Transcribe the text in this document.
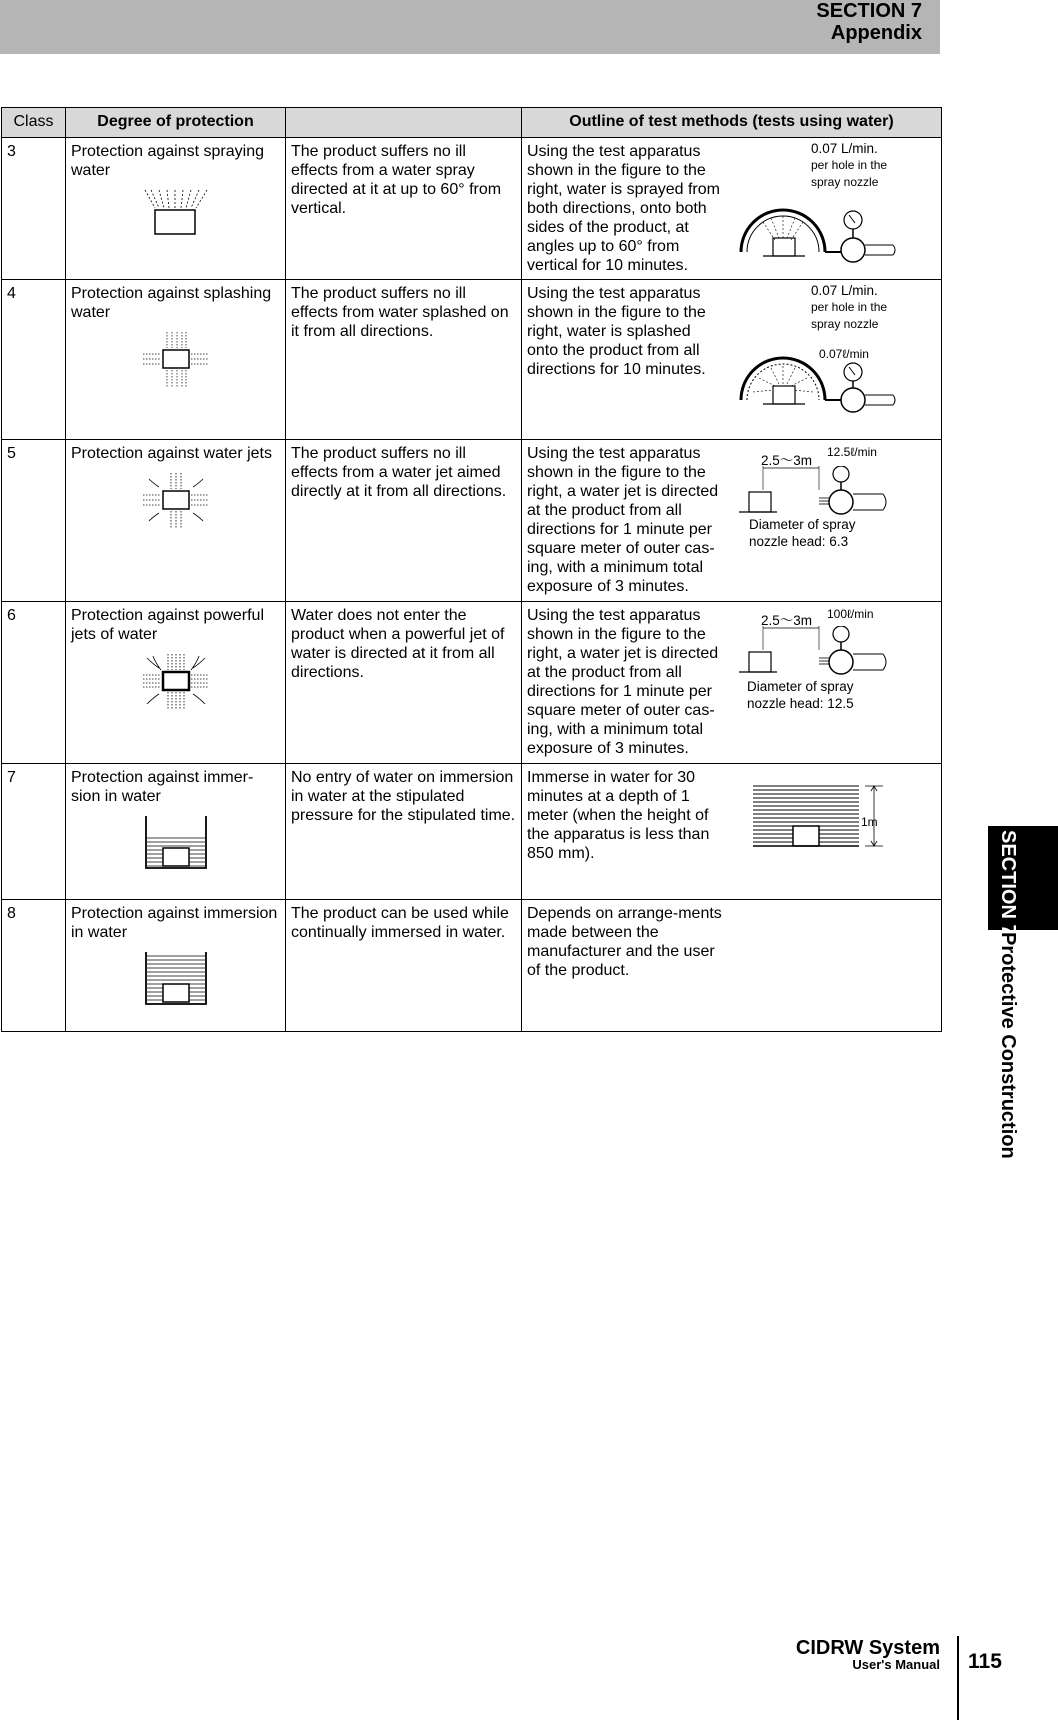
SECTION 7
Appendix
Class	Degree of protection		Outline of test methods (tests using water)
3	Protection against spraying water	The product suffers no ill effects from a water spray directed at it at up to 60° from vertical.	Using the test apparatus shown in the figure to the right, water is sprayed from both directions, onto both sides of the product, at angles up to 60° from vertical for 10 minutes.
0.07 L/min.
per hole in the
spray nozzle

4	Protection against splashing water	The product suffers no ill effects from water splashed on it from all directions.	Using the test apparatus shown in the figure to the right, water is splashed onto the product from all directions for 10 minutes.
0.07 L/min.
per hole in the
spray nozzle
0.07ℓ/min

5	Protection against water jets	The product suffers no ill effects from a water jet aimed directly at it from all directions.	Using the test apparatus shown in the figure to the right, a water jet is directed at the product from all directions for 1 minute per square meter of outer cas-ing, with a minimum total exposure of 3 minutes.
2.5～3m
12.5ℓ/min
Diameter of spray
nozzle head: 6.3

6	Protection against powerful jets of water	Water does not enter the product when a powerful jet of water is directed at it from all directions.	Using the test apparatus shown in the figure to the right, a water jet is directed at the product from all directions for 1 minute per square meter of outer cas-ing, with a minimum total exposure of 3 minutes.
2.5～3m 100ℓ/min
Diameter of spray
nozzle head: 12.5

7	Protection against immer-sion in water	No entry of water on immersion in water at the stipulated pressure for the stipulated time.	Immerse in water for 30 minutes at a depth of 1 meter (when the height of the apparatus is less than 850 mm).
1m

8	Protection against immersion in water	The product can be used while continually immersed in water.	Depends on arrange-ments made between the manufacturer and the user of the product.
SECTION 7Protective Construction
CIDRW System
User's Manual 115
